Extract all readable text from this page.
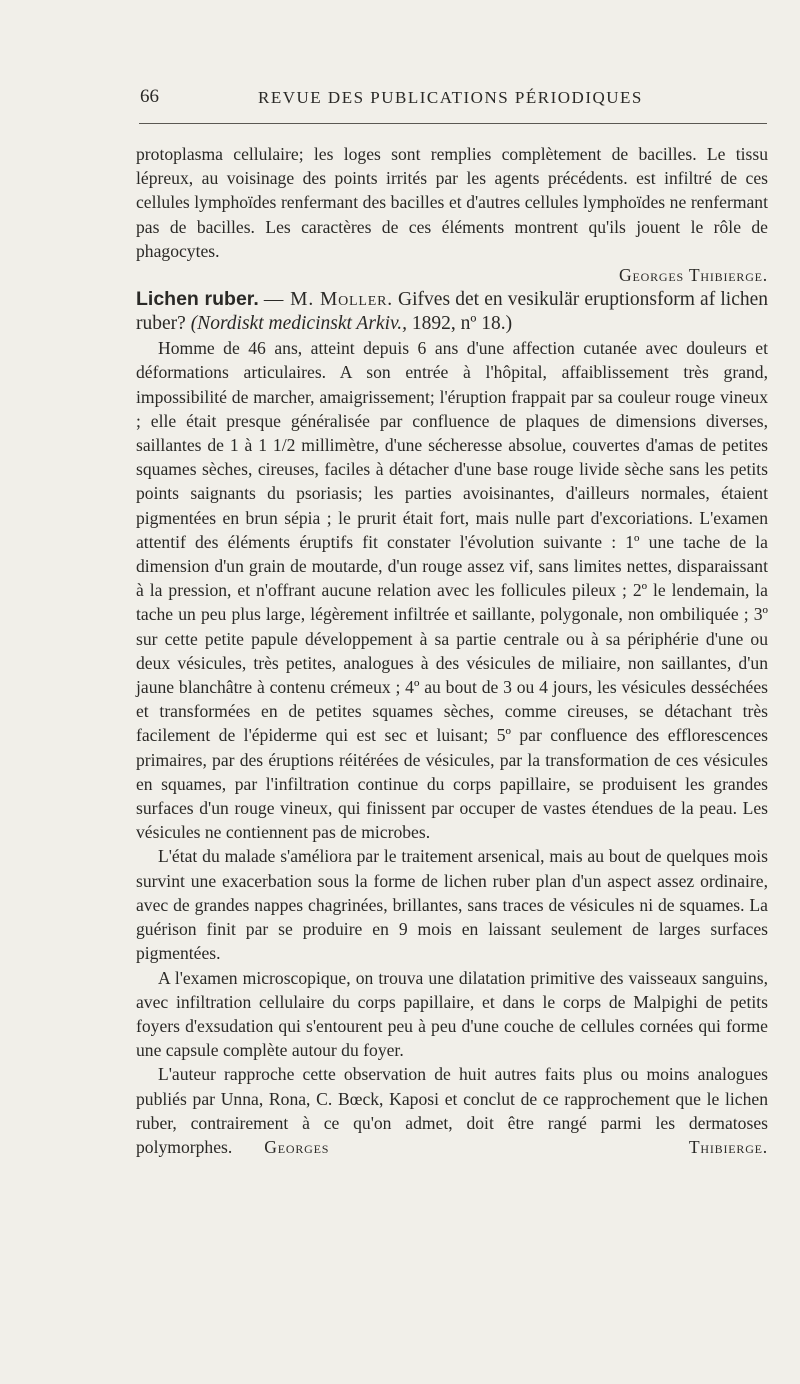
66	REVUE DES PUBLICATIONS PÉRIODIQUES

protoplasma cellulaire; les loges sont remplies complètement de bacilles. Le tissu lépreux, au voisinage des points irrités par les agents précédents. est infiltré de ces cellules lymphoïdes renfermant des bacilles et d'autres cellules lymphoïdes ne renfermant pas de bacilles. Les caractères de ces éléments montrent qu'ils jouent le rôle de phagocytes.

Georges Thibierge.

Lichen ruber. — M. Moller. Gifves det en vesikulär eruptionsform af lichen ruber? (Nordiskt medicinskt Arkiv., 1892, nº 18.)

Homme de 46 ans, atteint depuis 6 ans d'une affection cutanée avec douleurs et déformations articulaires. A son entrée à l'hôpital, affaiblissement très grand, impossibilité de marcher, amaigrissement; l'éruption frappait par sa couleur rouge vineux ; elle était presque généralisée par confluence de plaques de dimensions diverses, saillantes de 1 à 1 1/2 millimètre, d'une sécheresse absolue, couvertes d'amas de petites squames sèches, cireuses, faciles à détacher d'une base rouge livide sèche sans les petits points saignants du psoriasis; les parties avoisinantes, d'ailleurs normales, étaient pigmentées en brun sépia ; le prurit était fort, mais nulle part d'excoriations. L'examen attentif des éléments éruptifs fit constater l'évolution suivante : 1º une tache de la dimension d'un grain de moutarde, d'un rouge assez vif, sans limites nettes, disparaissant à la pression, et n'offrant aucune relation avec les follicules pileux ; 2º le lendemain, la tache un peu plus large, légèrement infiltrée et saillante, polygonale, non ombiliquée ; 3º sur cette petite papule développement à sa partie centrale ou à sa périphérie d'une ou deux vésicules, très petites, analogues à des vésicules de miliaire, non saillantes, d'un jaune blanchâtre à contenu crémeux ; 4º au bout de 3 ou 4 jours, les vésicules desséchées et transformées en de petites squames sèches, comme cireuses, se détachant très facilement de l'épiderme qui est sec et luisant; 5º par confluence des efflorescences primaires, par des éruptions réitérées de vésicules, par la transformation de ces vésicules en squames, par l'infiltration continue du corps papillaire, se produisent les grandes surfaces d'un rouge vineux, qui finissent par occuper de vastes étendues de la peau. Les vésicules ne contiennent pas de microbes.

L'état du malade s'améliora par le traitement arsenical, mais au bout de quelques mois survint une exacerbation sous la forme de lichen ruber plan d'un aspect assez ordinaire, avec de grandes nappes chagrinées, brillantes, sans traces de vésicules ni de squames. La guérison finit par se produire en 9 mois en laissant seulement de larges surfaces pigmentées.

A l'examen microscopique, on trouva une dilatation primitive des vaisseaux sanguins, avec infiltration cellulaire du corps papillaire, et dans le corps de Malpighi de petits foyers d'exsudation qui s'entourent peu à peu d'une couche de cellules cornées qui forme une capsule complète autour du foyer.

L'auteur rapproche cette observation de huit autres faits plus ou moins analogues publiés par Unna, Rona, C. Bœck, Kaposi et conclut de ce rapprochement que le lichen ruber, contrairement à ce qu'on admet, doit être rangé parmi les dermatoses polymorphes. Georges Thibierge.
